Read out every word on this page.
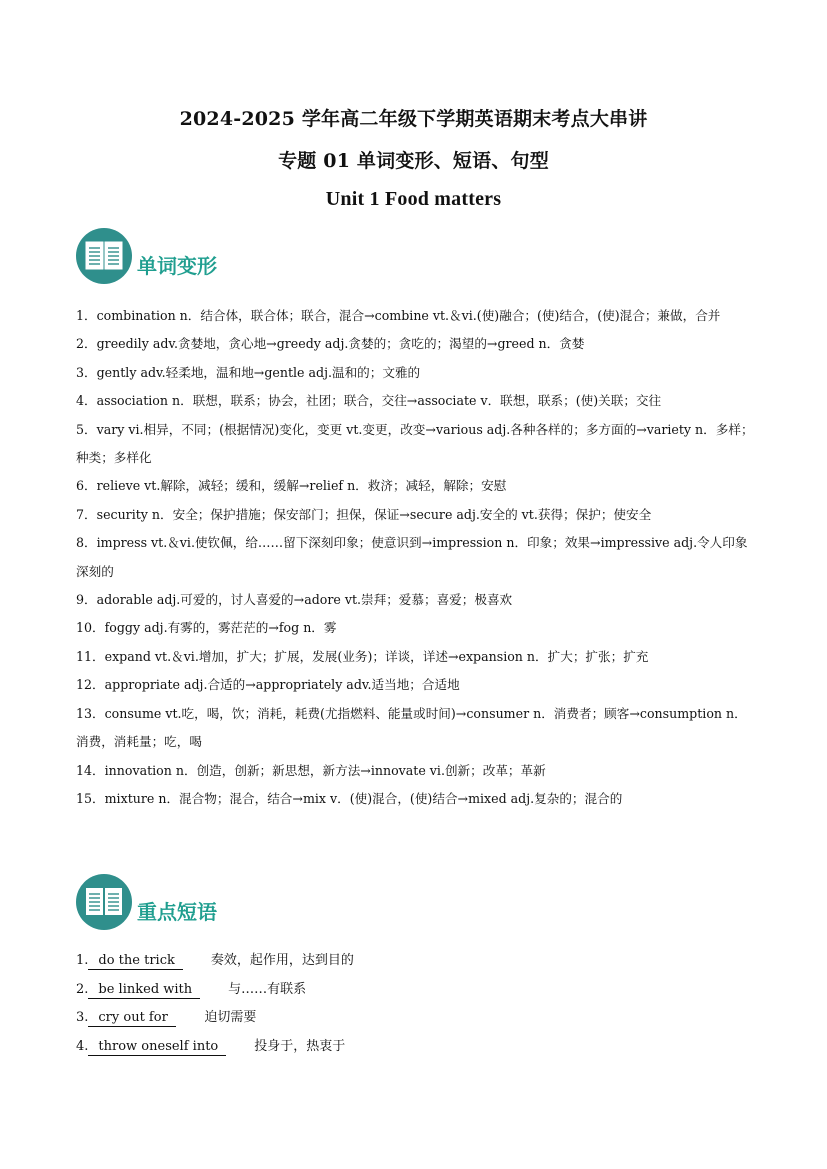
2024-2025 学年高二年级下学期英语期末考点大串讲
专题 01 单词变形、短语、句型
Unit 1 Food matters
单词变形

1．combination n．结合体，联合体；联合，混合→combine vt.＆vi.(使)融合；(使)结合，(使)混合；兼做，合并

2．greedily adv.贪婪地，贪心地→greedy adj.贪婪的；贪吃的；渴望的→greed n．贪婪

3．gently adv.轻柔地，温和地→gentle adj.温和的；文雅的

4．association n．联想，联系；协会，社团；联合，交往→associate v．联想，联系；(使)关联；交往

5．vary vi.相异，不同；(根据情况)变化，变更 vt.变更，改变→various adj.各种各样的；多方面的→variety n．多样；种类；多样化

6．relieve vt.解除，减轻；缓和，缓解→relief n．救济；减轻，解除；安慰

7．security n．安全；保护措施；保安部门；担保，保证→secure adj.安全的 vt.获得；保护；使安全

8．impress vt.＆vi.使钦佩，给……留下深刻印象；使意识到→impression n．印象；效果→impressive adj.令人印象深刻的

9．adorable adj.可爱的，讨人喜爱的→adore vt.崇拜；爱慕；喜爱；极喜欢

10．foggy adj.有雾的，雾茫茫的→fog n．雾

11．expand vt.＆vi.增加，扩大；扩展，发展(业务)；详谈，详述→expansion n．扩大；扩张；扩充

12．appropriate adj.合适的→appropriately adv.适当地；合适地

13．consume vt.吃，喝，饮；消耗，耗费(尤指燃料、能量或时间)→consumer n．消费者；顾客→consumption n．消费，消耗量；吃，喝

14．innovation n．创造，创新；新思想，新方法→innovate vi.创新；改革；革新

15．mixture n．混合物；混合，结合→mix v．(使)混合，(使)结合→mixed adj.复杂的；混合的

重点短语
1. do the trick	奏效，起作用，达到目的
2. be linked with	与……有联系
3. cry out for	迫切需要
4. throw oneself into	投身于，热衷于
